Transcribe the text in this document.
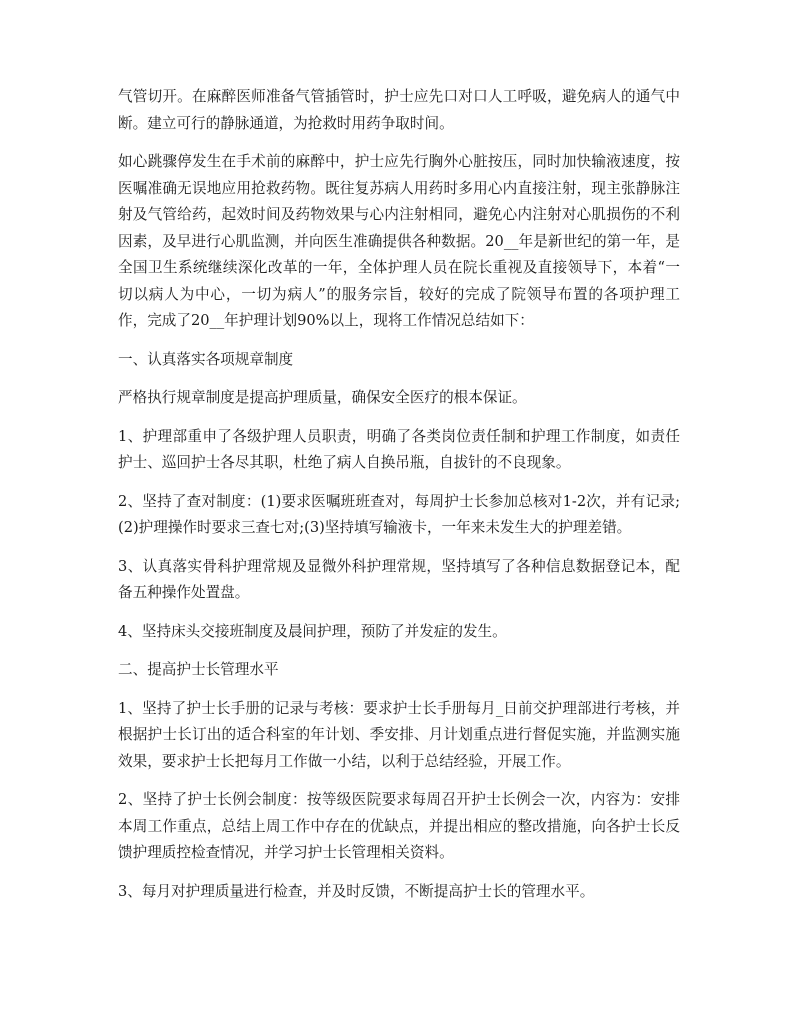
气管切开。在麻醉医师准备气管插管时，护士应先口对口人工呼吸，避免病人的通气中断。建立可行的静脉通道，为抢救时用药争取时间。

如心跳骤停发生在手术前的麻醉中，护士应先行胸外心脏按压，同时加快输液速度，按医嘱准确无误地应用抢救药物。既往复苏病人用药时多用心内直接注射，现主张静脉注射及气管给药，起效时间及药物效果与心内注射相同，避免心内注射对心肌损伤的不利因素，及早进行心肌监测，并向医生准确提供各种数据。20__年是新世纪的第一年，是全国卫生系统继续深化改革的一年，全体护理人员在院长重视及直接领导下，本着“一切以病人为中心，一切为病人”的服务宗旨，较好的完成了院领导布置的各项护理工作，完成了20__年护理计划90%以上，现将工作情况总结如下：

一、认真落实各项规章制度

严格执行规章制度是提高护理质量，确保安全医疗的根本保证。

1、护理部重申了各级护理人员职责，明确了各类岗位责任制和护理工作制度，如责任护士、巡回护士各尽其职，杜绝了病人自换吊瓶，自拔针的不良现象。

2、坚持了查对制度：(1)要求医嘱班班查对，每周护士长参加总核对1-2次，并有记录;(2)护理操作时要求三查七对;(3)坚持填写输液卡，一年来未发生大的护理差错。

3、认真落实骨科护理常规及显微外科护理常规，坚持填写了各种信息数据登记本，配备五种操作处置盘。

4、坚持床头交接班制度及晨间护理，预防了并发症的发生。

二、提高护士长管理水平

1、坚持了护士长手册的记录与考核：要求护士长手册每月_日前交护理部进行考核，并根据护士长订出的适合科室的年计划、季安排、月计划重点进行督促实施，并监测实施效果，要求护士长把每月工作做一小结，以利于总结经验，开展工作。

2、坚持了护士长例会制度：按等级医院要求每周召开护士长例会一次，内容为：安排本周工作重点，总结上周工作中存在的优缺点，并提出相应的整改措施，向各护士长反馈护理质控检查情况，并学习护士长管理相关资料。

3、每月对护理质量进行检查，并及时反馈，不断提高护士长的管理水平。
